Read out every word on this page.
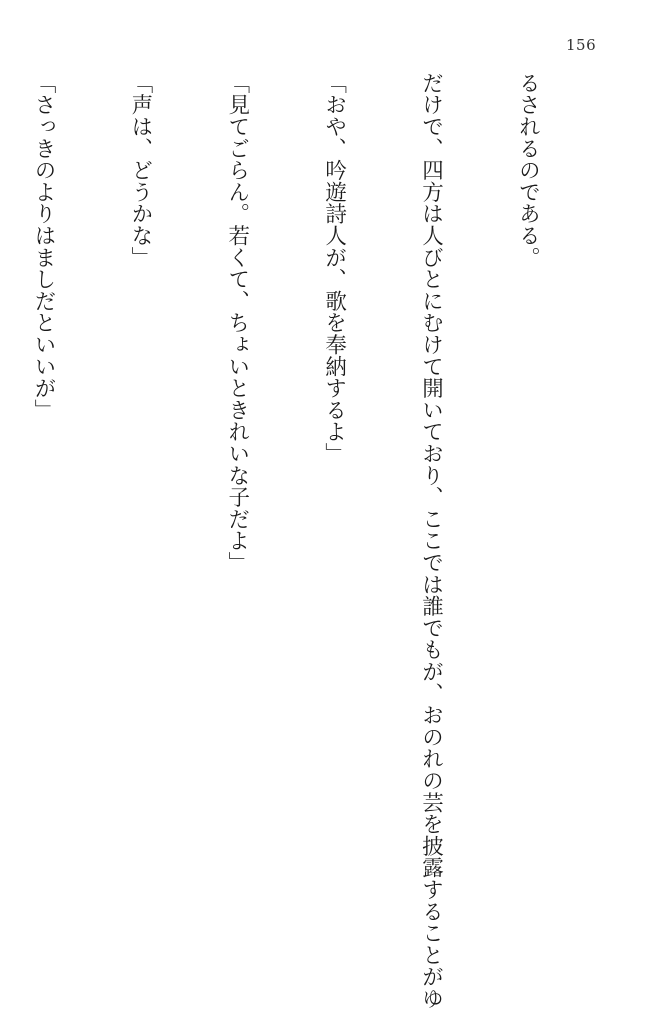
156

るされるのである。

だけで、四方は人びとにむけて開いており、ここでは誰でもが、おのれの芸を披露することがゆ

「おや、吟遊詩人が、歌を奉納するよ」

「見てごらん。若くて、ちょいときれいな子だよ」

「声は、どうかな」

「さっきのよりはましだといいが」
